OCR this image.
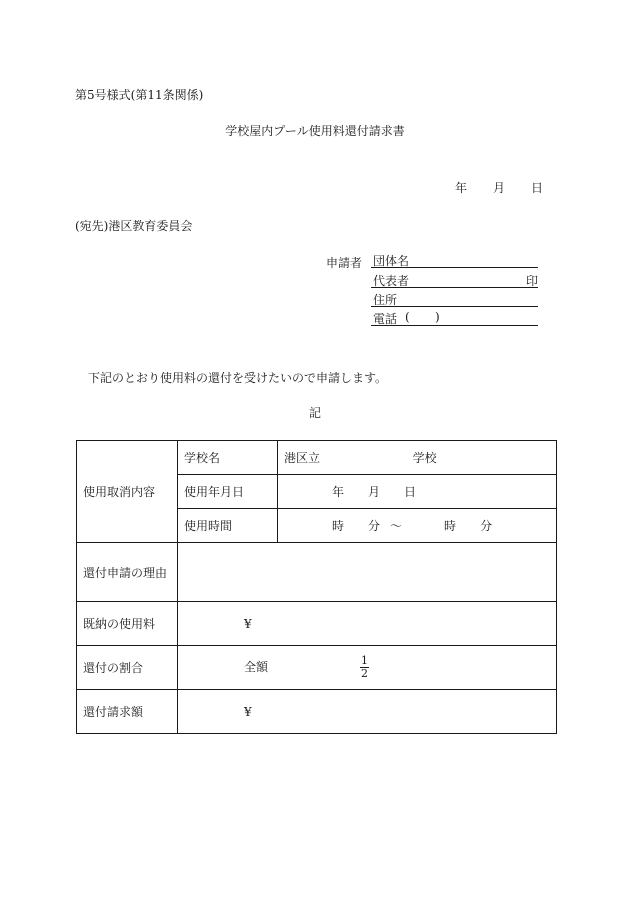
第5号様式(第11条関係)
学校屋内プール使用料還付請求書
年 月 日
(宛先)港区教育委員会
申請者 団体名
代表者	印
住所
電話 ( )
下記のとおり使用料の還付を受けたいので申請します。
記
使用取消内容	学校名	港区立 学校
	使用年月日	年 月 日
	使用時間	時 分 ～ 時 分
還付申請の理由		
既納の使用料	¥	
還付の割合	全額 $\frac{1}{2}$

還付請求額	¥	
